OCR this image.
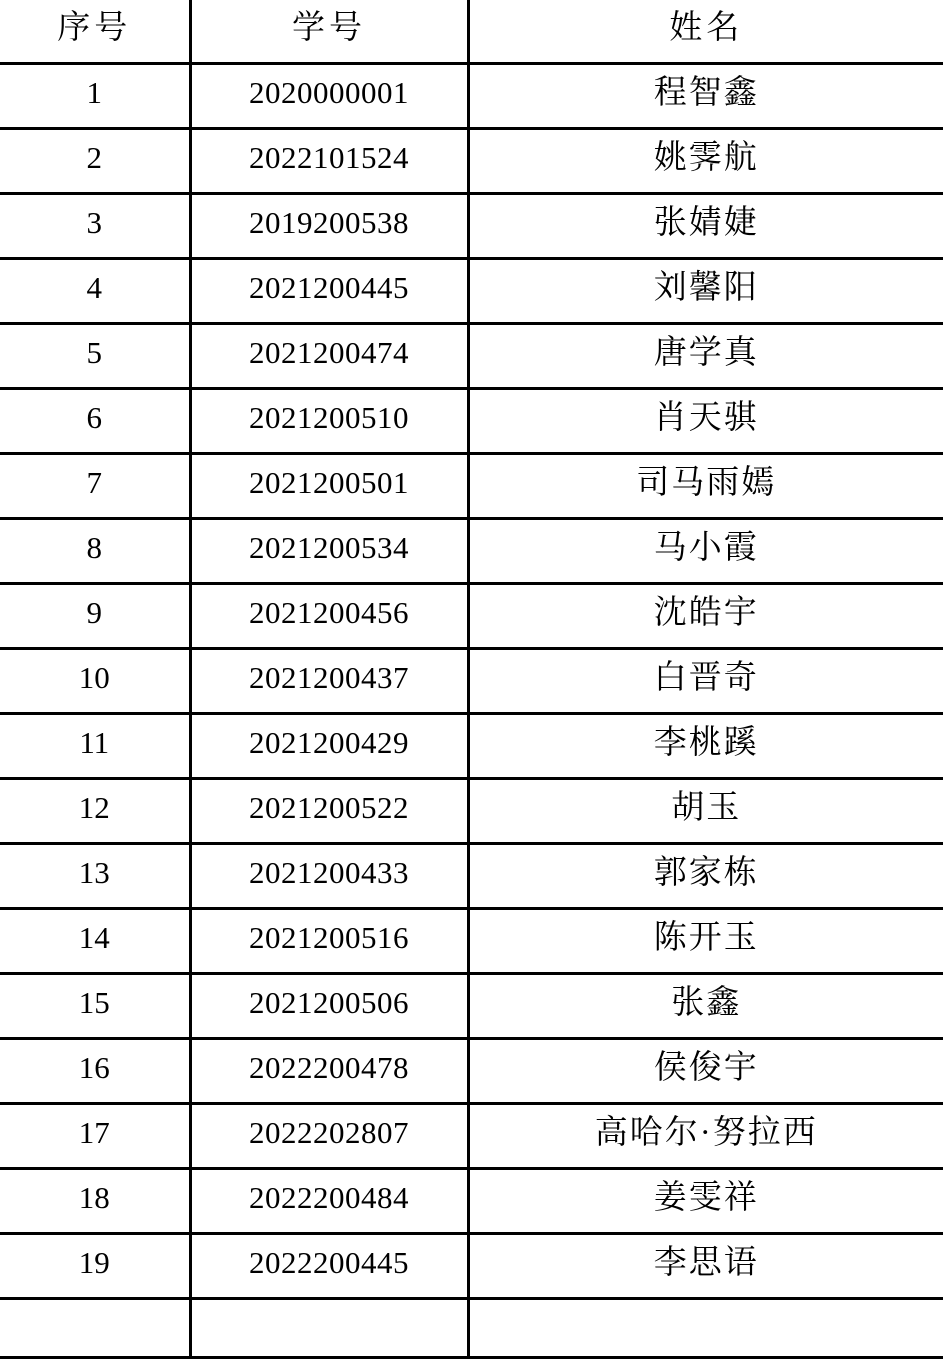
序号	学号	姓名
1	2020000001	程智鑫
2	2022101524	姚霁航
3	2019200538	张婧婕
4	2021200445	刘馨阳
5	2021200474	唐学真
6	2021200510	肖天骐
7	2021200501	司马雨嫣
8	2021200534	马小霞
9	2021200456	沈皓宇
10	2021200437	白晋奇
11	2021200429	李桃蹊
12	2021200522	胡玉
13	2021200433	郭家栋
14	2021200516	陈开玉
15	2021200506	张鑫
16	2022200478	侯俊宇
17	2022202807	高哈尔·努拉西
18	2022200484	姜雯祥
19	2022200445	李思语
